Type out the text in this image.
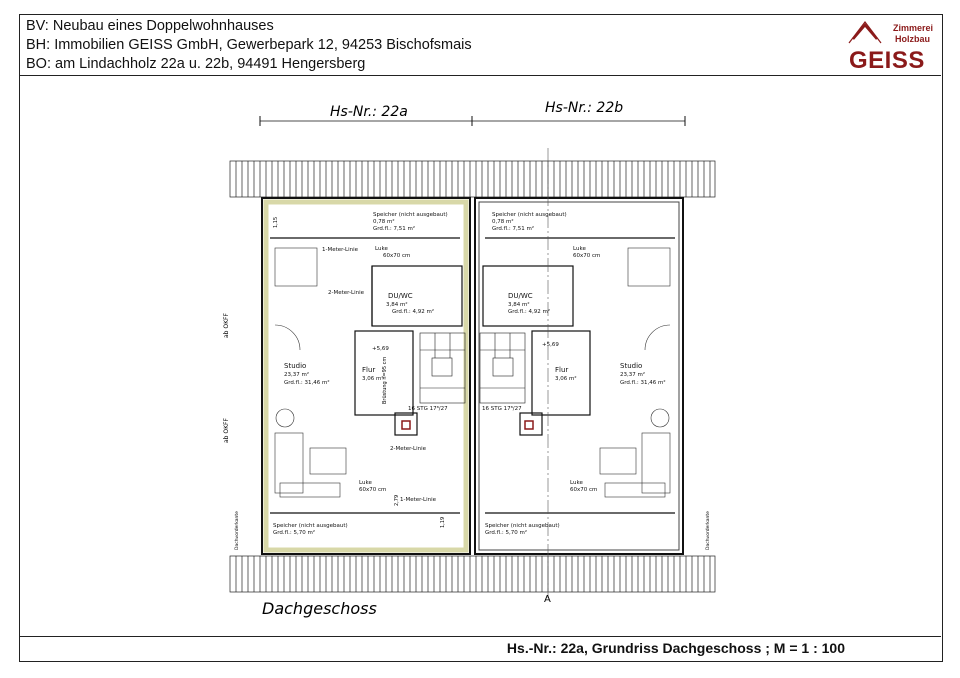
BV: Neubau eines Doppelwohnhauses
BH: Immobilien GEISS GmbH, Gewerbepark 12, 94253 Bischofsmais
BO: am Lindachholz 22a u. 22b, 94491 Hengersberg
Zimmerei
Holzbau
GEISS
Hs.-Nr.: 22a, Grundriss Dachgeschoss ; M = 1 : 100
Hs-Nr.: 22a	Hs-Nr.: 22b
A
Speicher (nicht ausgebaut)
0,78 m²
Grd.fl.: 7,51 m²
Luke
60x70 cm
1-Meter-Linie
2-Meter-Linie	DU/WC
3,84 m²
Grd.fl.: 4,92 m²
Studio
23,37 m²
Grd.fl.: 31,46 m²
Flur
3,06 m²
16 STG 17⁸/27
+5,69
2-Meter-Linie
Luke
60x70 cm
1-Meter-Linie
Speicher (nicht ausgebaut)
Grd.fl.: 5,70 m²
Speicher (nicht ausgebaut)
0,78 m²
Grd.fl.: 7,51 m²
Luke
60x70 cm
DU/WC
3,84 m²
Grd.fl.: 4,92 m²
Studio
23,37 m²
Grd.fl.: 31,46 m²
Flur
3,06 m²
16 STG 17⁸/27
+5,69
Luke
60x70 cm
Speicher (nicht ausgebaut)
Grd.fl.: 5,70 m²
ab OKFF
ab OKFF
Dachvorderkante	Dachvorderkante
1,15
2,79
1,19
Brüstung h=95 cm
Dachgeschoss
